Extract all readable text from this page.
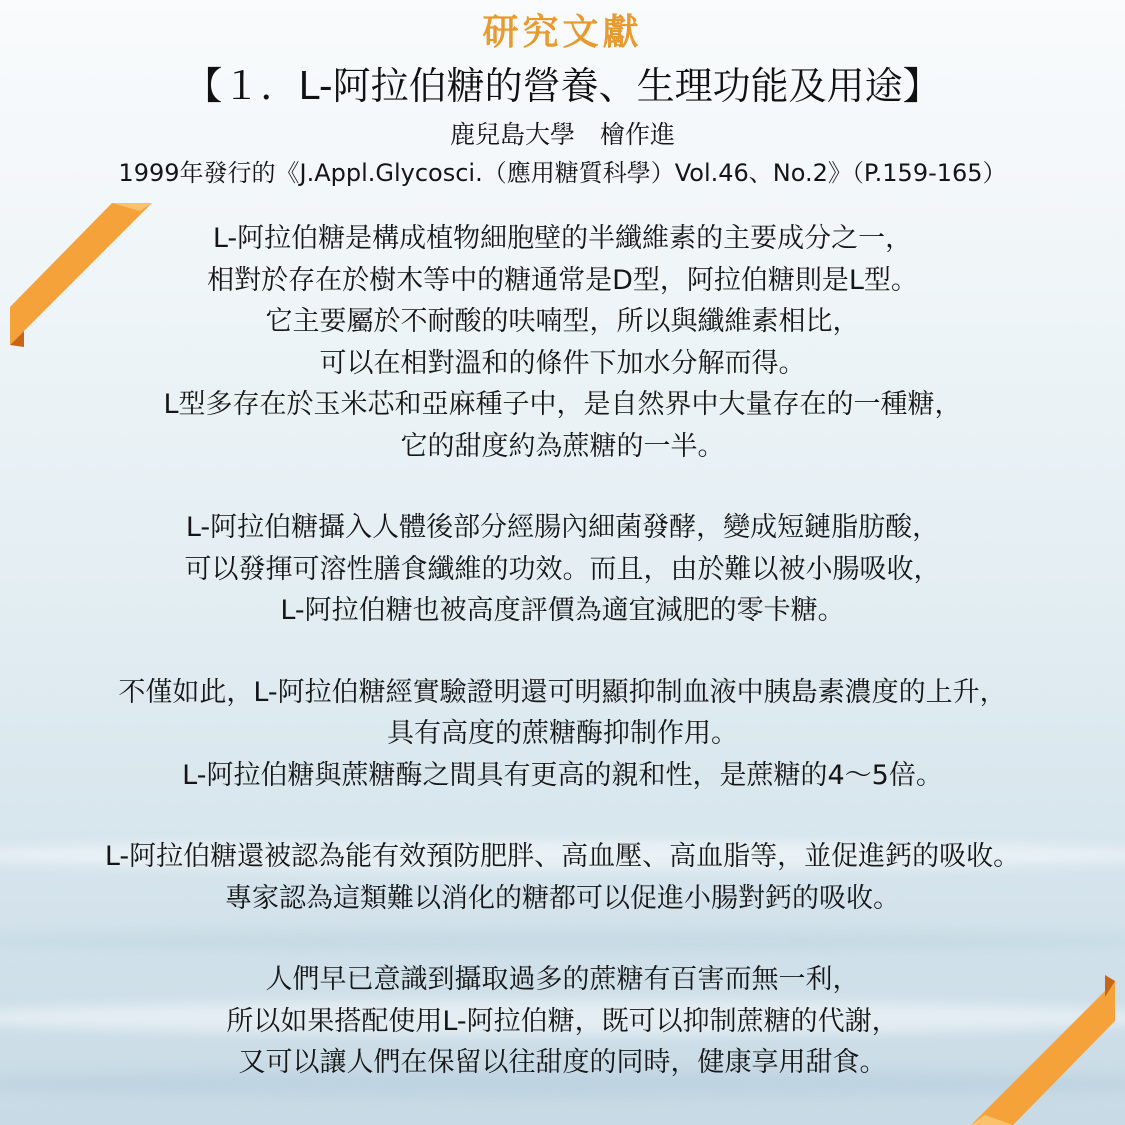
研究文獻

【１．L-阿拉伯糖的營養、生理功能及用途】

鹿兒島大學　檜作進

1999年發行的《J.Appl.Glycosci.（應用糖質科學）Vol.46、No.2》（P.159-165）

L-阿拉伯糖是構成植物細胞壁的半纖維素的主要成分之一，
相對於存在於樹木等中的糖通常是D型，阿拉伯糖則是L型。
它主要屬於不耐酸的呋喃型，所以與纖維素相比，
可以在相對溫和的條件下加水分解而得。
L型多存在於玉米芯和亞麻種子中，是自然界中大量存在的一種糖，
它的甜度約為蔗糖的一半。

L-阿拉伯糖攝入人體後部分經腸內細菌發酵，變成短鏈脂肪酸，
可以發揮可溶性膳食纖維的功效。而且，由於難以被小腸吸收，
L-阿拉伯糖也被高度評價為適宜減肥的零卡糖。

不僅如此，L-阿拉伯糖經實驗證明還可明顯抑制血液中胰島素濃度的上升，
具有高度的蔗糖酶抑制作用。
L-阿拉伯糖與蔗糖酶之間具有更高的親和性，是蔗糖的4～5倍。

L-阿拉伯糖還被認為能有效預防肥胖、高血壓、高血脂等，並促進鈣的吸收。
專家認為這類難以消化的糖都可以促進小腸對鈣的吸收。

人們早已意識到攝取過多的蔗糖有百害而無一利，
所以如果搭配使用L-阿拉伯糖，既可以抑制蔗糖的代謝，
又可以讓人們在保留以往甜度的同時，健康享用甜食。
